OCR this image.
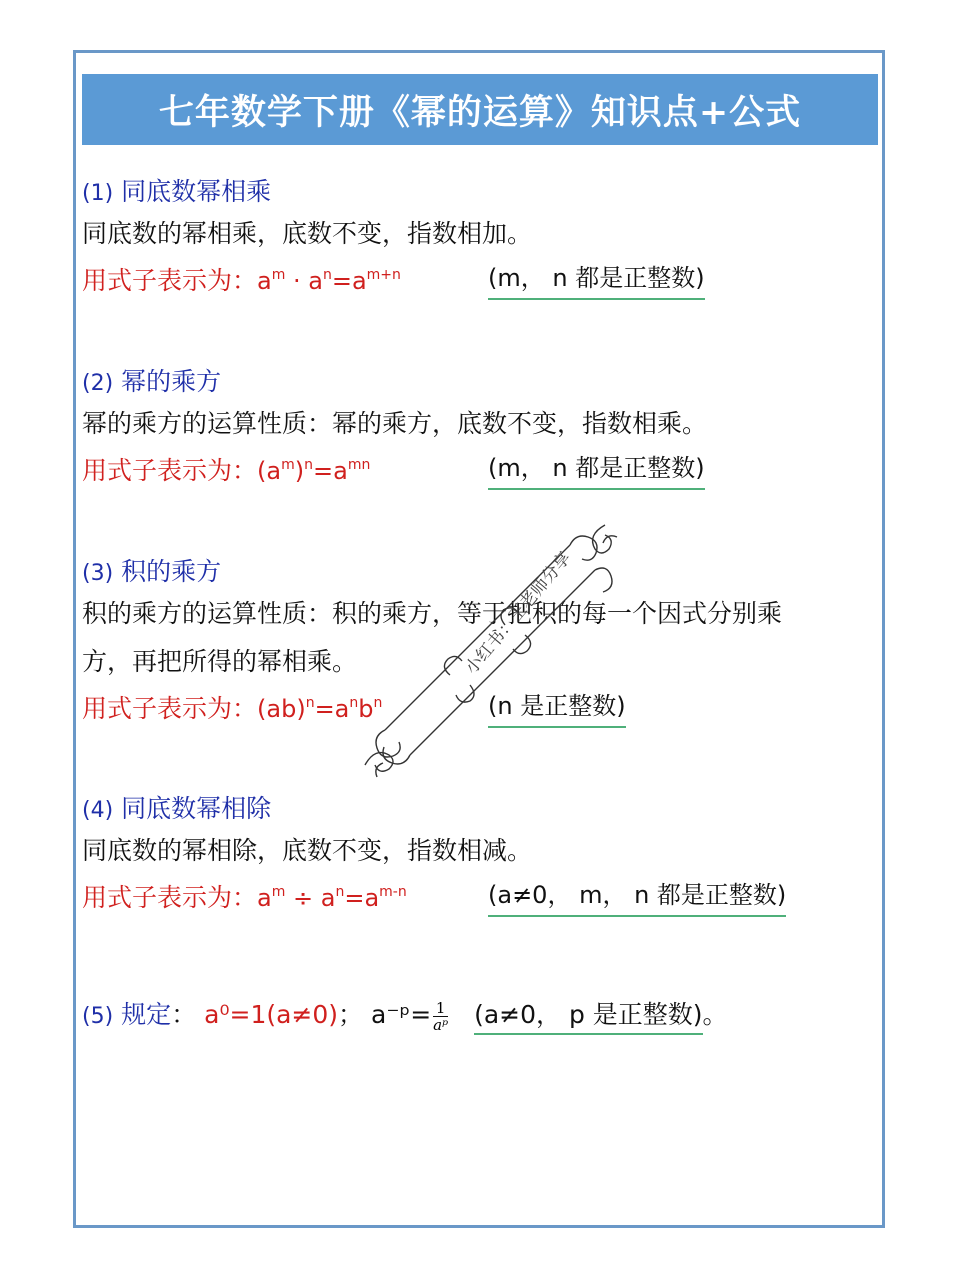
七年数学下册《幂的运算》知识点+公式
(1) 同底数幂相乘
同底数的幂相乘，底数不变，指数相加。
用式子表示为：$a^m \cdot a^n=a^{m+n}$	(m， n 都是正整数)
(2) 幂的乘方
幂的乘方的运算性质：幂的乘方，底数不变，指数相乘。
用式子表示为：$(a^m)^n=a^{mn}$	(m， n 都是正整数)
(3) 积的乘方
积的乘方的运算性质：积的乘方，等于把积的每一个因式分别乘
方，再把所得的幂相乘。
用式子表示为：$(ab)^n=a^nb^n$	(n 是正整数)
(4) 同底数幂相除
同底数的幂相除，底数不变，指数相减。
用式子表示为：$a^m \div a^n=a^{m-n}$	(a≠0， m， n 都是正整数)
(5) 规定： a⁰=1(a≠0)； a⁻ᵖ= $\frac{1}{\text{aᵖ}} (a\ne 0$， p 是正整数)。
小红书：王老师分享
